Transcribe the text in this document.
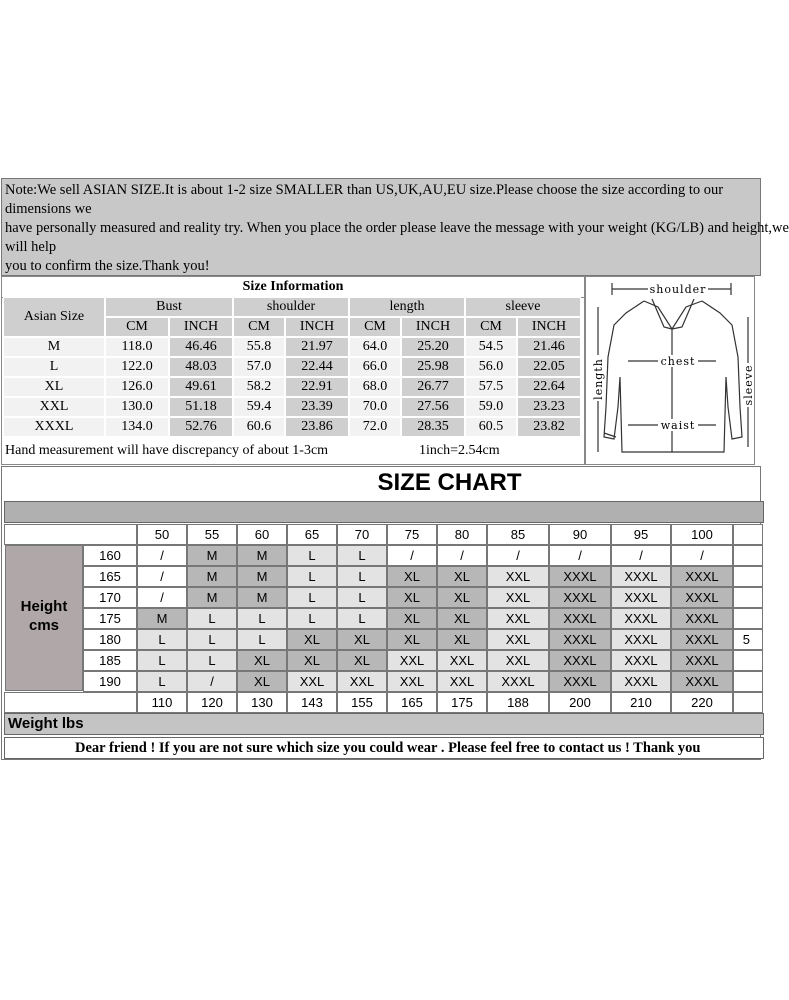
Note:We sell ASIAN SIZE.It is about 1-2 size SMALLER than US,UK,AU,EU size.Please choose the size according to our
dimensions we
have personally measured and reality try. When you place the order please leave the message with your weight (KG/LB) and height,we
will help
you to confirm the size.Thank you!
Size Information
Asian Size
Hand measurement will have discrepancy of about 1-3cm	1inch=2.54cm
Bust	shoulder	length	sleeve
CM	INCH	CM	INCH	CM	INCH	CM	INCH
M	118.0	46.46	55.8	21.97	64.0	25.20	54.5	21.46
L	122.0	48.03	57.0	22.44	66.0	25.98	56.0	22.05
XL	126.0	49.61	58.2	22.91	68.0	26.77	57.5	22.64
XXL	130.0	51.18	59.4	23.39	70.0	27.56	59.0	23.23
XXXL	134.0	52.76	60.6	23.86	72.0	28.35	60.5	23.82
shoulder
chest
waist
length	sleeve
SIZE CHART
Height
cms
Weight lbs
Dear friend ! If you are not sure which size you could wear . Please feel free to contact us ! Thank you
50	55	60	65	70	75	80	85	90	95	100
160	/	M	M	L	L	/	/	/	/	/	/
165	/	M	M	L	L	XL	XL	XXL	XXXL	XXXL	XXXL
170	/	M	M	L	L	XL	XL	XXL	XXXL	XXXL	XXXL
175	M	L	L	L	L	XL	XL	XXL	XXXL	XXXL	XXXL
180	L	L	L	XL	XL	XL	XL	XXL	XXXL	XXXL	XXXL	5
185	L	L	XL	XL	XL	XXL	XXL	XXL	XXXL	XXXL	XXXL
190	L	/	XL	XXL	XXL	XXL	XXL	XXXL	XXXL	XXXL	XXXL
110	120	130	143	155	165	175	188	200	210	220
